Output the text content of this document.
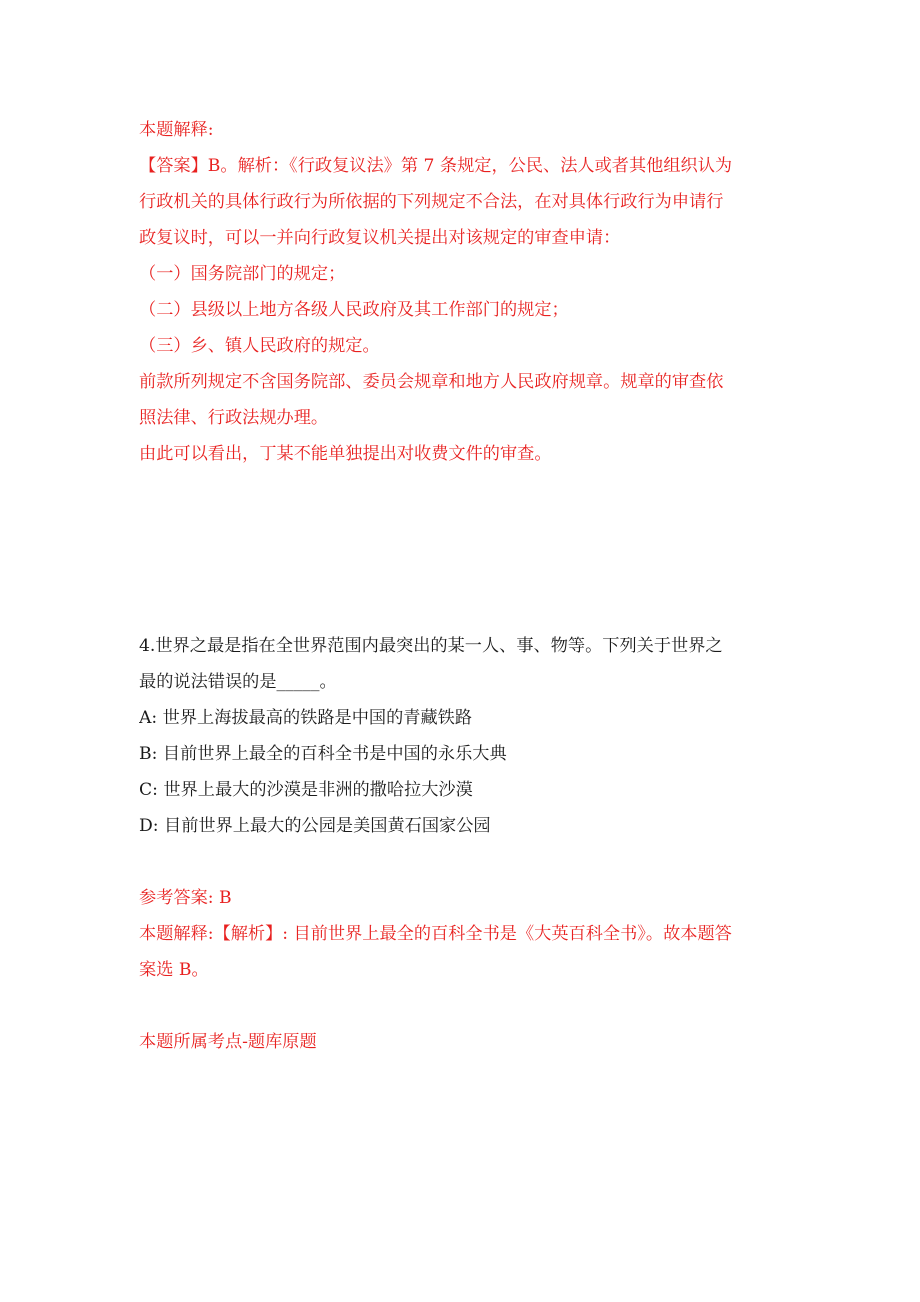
本题解释:
【答案】B。解析：《行政复议法》第 7 条规定，公民、法人或者其他组织认为
行政机关的具体行政行为所依据的下列规定不合法，在对具体行政行为申请行
政复议时，可以一并向行政复议机关提出对该规定的审查申请：
（一）国务院部门的规定；
（二）县级以上地方各级人民政府及其工作部门的规定；
（三）乡、镇人民政府的规定。
前款所列规定不含国务院部、委员会规章和地方人民政府规章。规章的审查依
照法律、行政法规办理。
由此可以看出，丁某不能单独提出对收费文件的审查。
4.世界之最是指在全世界范围内最突出的某一人、事、物等。下列关于世界之
最的说法错误的是_____。
A: 世界上海拔最高的铁路是中国的青藏铁路
B: 目前世界上最全的百科全书是中国的永乐大典
C: 世界上最大的沙漠是非洲的撒哈拉大沙漠
D: 目前世界上最大的公园是美国黄石国家公园
参考答案: B
本题解释:【解析】: 目前世界上最全的百科全书是《大英百科全书》。故本题答
案选 B。
本题所属考点-题库原题
